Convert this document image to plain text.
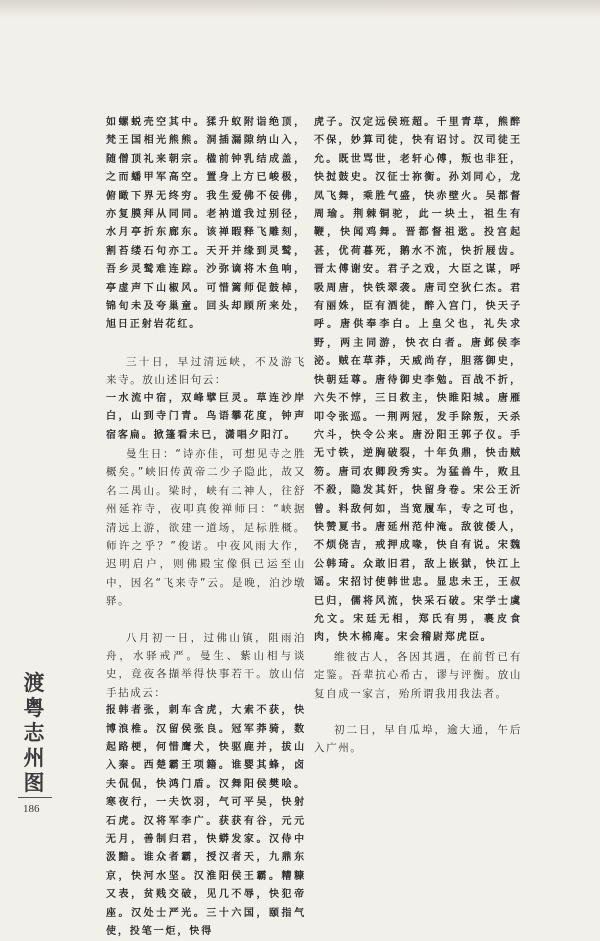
如螺蜕壳空其中。猱升蚁附诣绝顶，梵王国相光熊熊。洞插漏隙纳山入，随僧顶礼来朝宗。楹前钟乳结成盖，之而蟠甲军高空。置身上方已峻极，俯瞰下界无终穷。我生爱佛不佞佛，亦复膜拜从同同。老衲道我过别径，水月亭折东廊东。该禅暇释飞雕刻，割苔缕石句亦工。天开并缘到灵鹫，吾乡灵鹫难连踪。沙弥谪将木鱼响，亭虚声下山椒风。可惜篱师促鼓棹，锦旬未及夸巢童。回头却顾所来处，旭日正射岩花红。

三十日，早过清远峡，不及游飞来寺。放山述旧句云：

一水流中宿，双峰擘巨灵。草连沙岸白，山到寺门青。鸟语攀花度，钟声宿客扁。掀篷看未已，潇唱夕阳汀。

曼生日：“诗亦佳，可想见寺之胜概矣。”峡旧传黄帝二少子隐此，故又名二禺山。梁时，峡有二神人，往舒州延祚寺，夜叩真俊禅师曰：“峡据清远上游，欲建一道场，足标胜概。师许之乎？”俊诺。中夜风雨大作，迟明启户，则佛殿宝像俱已运至山中，因名“飞来寺”云。是晚，泊沙墩驿。

八月初一日，过佛山镇，阻雨泊舟，水驿戒严。曼生、紫山相与谈史，竟夜各擷举得快事若干。放山信手拈成云：

报韩者张，刺车含虎，大索不获，快博浪椎。汉留侯张良。冠军莽骑，数起路梗，何惜鹰犬，快驱鹿并，拔山入秦。西楚霸王项籍。谁婴其蜂，卤夫侃侃，快鸿门盾。汉舞阳侯樊哙。寒夜行，一夫饮羽，气可平吴，快射石虎。汉将军李广。获获有谷，元元无月，善制归君，快蟒发家。汉侍中汲黯。谁众者霸，授汉者天，九鼎东京，快河水坚。汉淮阳侯王霸。糟糠又表，贫贱交破，见几不辱，快犯帝座。汉处士严光。三十六国，颐指气使，投笔一炬，快得

虎子。汉定远侯班超。千里青草，熊醉不保，妙算司徒，快有诏讨。汉司徒王允。既世骂世，老轩心傅，叛也非狂，快挝鼓史。汉征士祢衡。孙刘同心，龙凤飞舞，乘胜气盛，快赤壁火。吴都督周瑜。荆棘铜驼，此一块土，祖生有鞭，快闻鸡舞。晋都督祖逖。投宫起甚，优荷暮死，鹅水不流，快折屐齿。晋太傅谢安。君子之戏，大臣之谋，呼吸周唐，快铁翠袭。唐司空狄仁杰。君有丽姝，臣有酒徒，醉入宫门，快天子呼。唐供奉李白。上皇父也，礼失求野，两主同游，快衣白者。唐邺侯李泌。贼在草莽，天威尚存，胆落御史，快朝廷尊。唐待御史李勉。百战不折，六失不悖，三日救主，快睢阳城。唐雁叩令张巡。一荆两冠，发手除叛，天杀穴斗，快令公来。唐汾阳王郭子仪。手无寸铁，逆胸破裂，十年负鼎，快击贼笏。唐司农卿段秀实。为猛兽牛，败且不殺，隐发其奸，快留身卷。宋公王沂曾。料敌何如，当宽履车，专之可也，快赞夏书。唐延州范仲淹。敌彼倭人，不烦侥吉，戒押成喙，快自有说。宋魏公韩琦。众敢旧君，敌上嵌獄，快江上谣。宋招讨使韩世忠。显忠未王，王叔已归，儒将风流，快采石破。宋学士虞允文。宋廷无相，郑氏有男，裹皮食肉，快木棉庵。宋会稽尉郑虎臣。

维彼古人，各因其遇，在前哲已有定鉴。吾辈抗心希古，谬与评衡。放山复自成一家言，殆所谓我用我法者。

初二日，早自瓜埠，逾大通，午后入广州。

渡
粤
志
州
图
186
